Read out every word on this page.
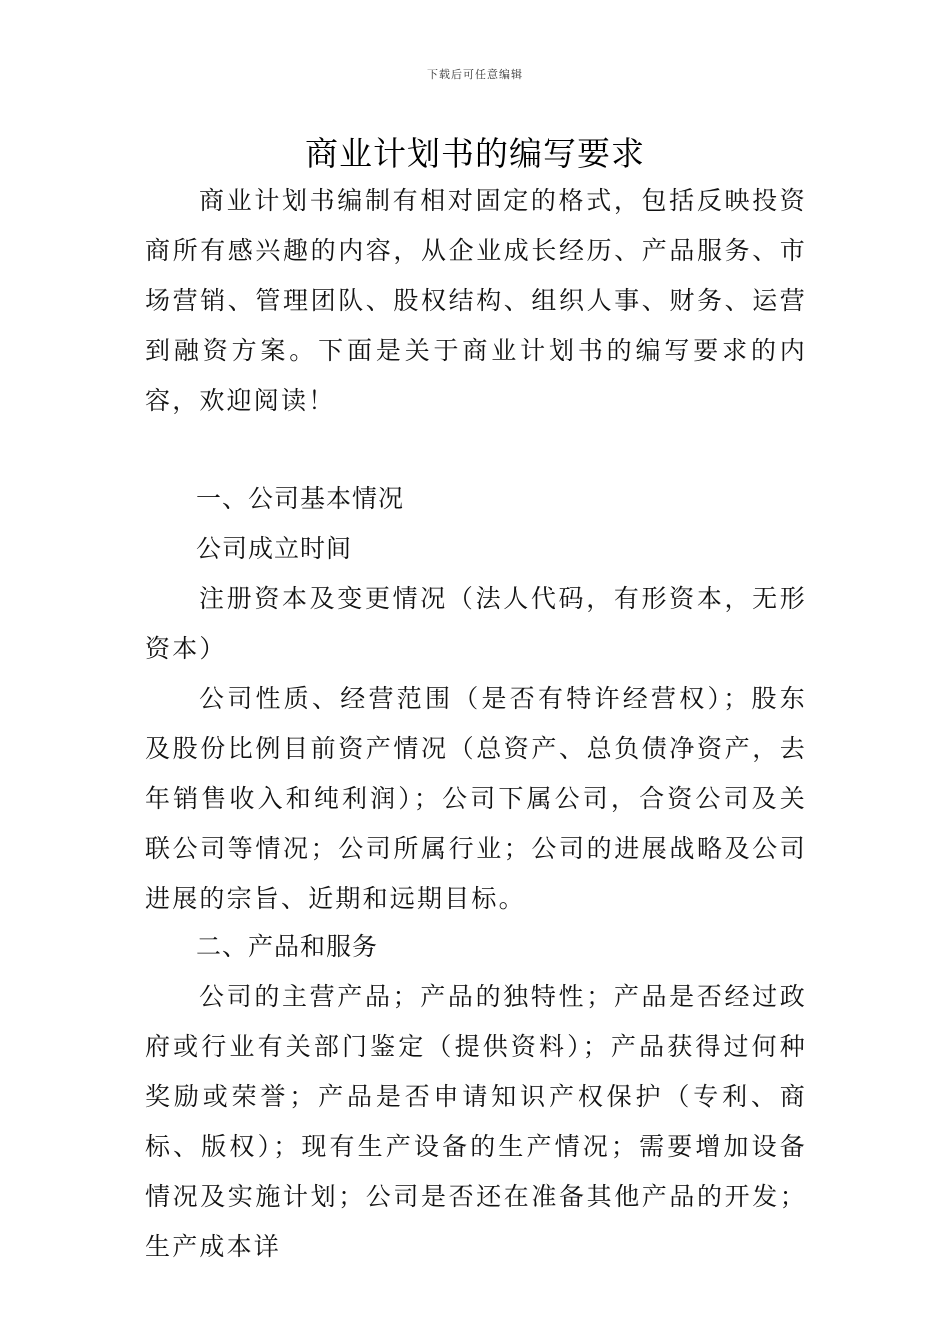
下载后可任意编辑
商业计划书的编写要求

商业计划书编制有相对固定的格式，包括反映投资商所有感兴趣的内容，从企业成长经历、产品服务、市场营销、管理团队、股权结构、组织人事、财务、运营到融资方案。下面是关于商业计划书的编写要求的内容，欢迎阅读！

一、公司基本情况

公司成立时间

注册资本及变更情况（法人代码，有形资本，无形资本）

公司性质、经营范围（是否有特许经营权）；股东及股份比例目前资产情况（总资产、总负债净资产，去年销售收入和纯利润）；公司下属公司，合资公司及关联公司等情况；公司所属行业；公司的进展战略及公司进展的宗旨、近期和远期目标。

二、产品和服务

公司的主营产品；产品的独特性；产品是否经过政府或行业有关部门鉴定（提供资料）；产品获得过何种奖励或荣誉；产品是否申请知识产权保护（专利、商标、版权）；现有生产设备的生产情况；需要增加设备情况及实施计划；公司是否还在准备其他产品的开发；生产成本详
